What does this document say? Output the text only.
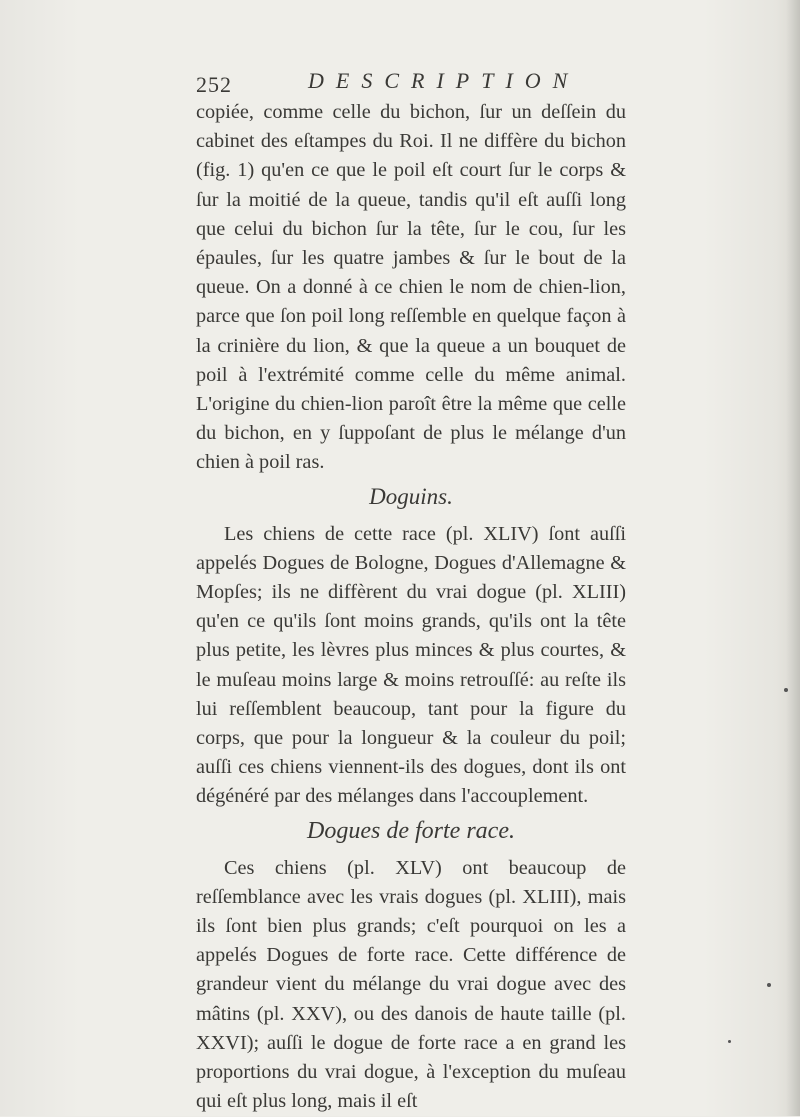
252	DESCRIPTION

copiée, comme celle du bichon, ſur un deſſein du cabinet des eſtampes du Roi. Il ne diffère du bichon (fig. 1) qu'en ce que le poil eſt court ſur le corps & ſur la moitié de la queue, tandis qu'il eſt auſſi long que celui du bichon ſur la tête, ſur le cou, ſur les épaules, ſur les quatre jambes & ſur le bout de la queue. On a donné à ce chien le nom de chien-lion, parce que ſon poil long reſſemble en quelque façon à la crinière du lion, & que la queue a un bouquet de poil à l'extrémité comme celle du même animal. L'origine du chien-lion paroît être la même que celle du bichon, en y ſuppoſant de plus le mélange d'un chien à poil ras.

Doguins.

Les chiens de cette race (pl. XLIV) ſont auſſi appelés Dogues de Bologne, Dogues d'Allemagne & Mopſes; ils ne diffèrent du vrai dogue (pl. XLIII) qu'en ce qu'ils ſont moins grands, qu'ils ont la tête plus petite, les lèvres plus minces & plus courtes, & le muſeau moins large & moins retrouſſé: au reſte ils lui reſſemblent beaucoup, tant pour la figure du corps, que pour la longueur & la couleur du poil; auſſi ces chiens viennent-ils des dogues, dont ils ont dégénéré par des mélanges dans l'accouplement.

Dogues de forte race.

Ces chiens (pl. XLV) ont beaucoup de reſſemblance avec les vrais dogues (pl. XLIII), mais ils ſont bien plus grands; c'eſt pourquoi on les a appelés Dogues de forte race. Cette différence de grandeur vient du mélange du vrai dogue avec des mâtins (pl. XXV), ou des danois de haute taille (pl. XXVI); auſſi le dogue de forte race a en grand les proportions du vrai dogue, à l'exception du muſeau qui eſt plus long, mais il eſt
